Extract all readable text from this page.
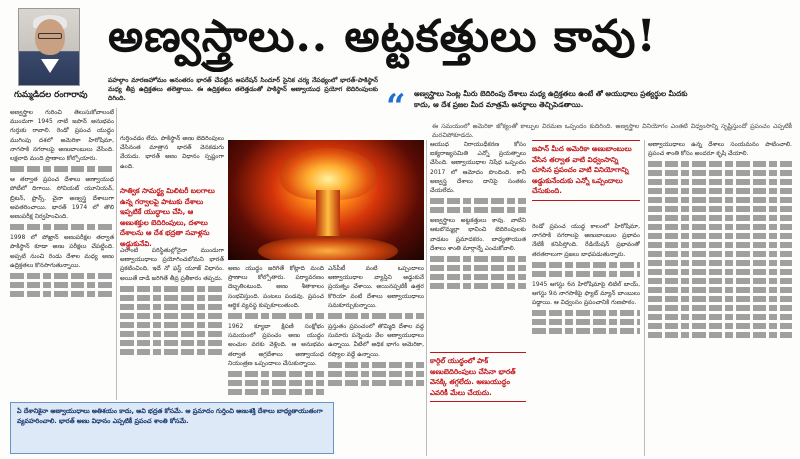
గుమ్మడిదల రంగారావు
అణ్వస్త్రాలు.. అట్టకత్తులు కావు!
పహల్గాం మారణహోమం అనంతరం భారత్ చేపట్టిన ఆపరేషన్ సిందూర్ సైనిక చర్య నేపథ్యంలో భారత్-పాకిస్థాన్ మధ్య తీవ్ర ఉద్రిక్తతలు తలెత్తాయి. ఈ ఉద్రిక్తతలు తలెత్తడంతో పాకిస్థాన్ అణ్వాయుధ ప్రయోగ బెదిరింపులకు దిగింది.	“ అణ్వస్త్రాలు సెంట్ల మీరు బెదిరింపు దేశాలు మధ్య ఉద్రిక్తతలు ఉంటే తో ఆయుధాలు ప్రత్యర్థుల మీదకు కాదు, ఆ దేశ ప్రజల మీద మాత్రమే అనర్థాలు తెచ్చిపెడతాయి.

అణ్వస్త్రాల గురించి తెలుసుకోవాలంటే ముందుగా 1945 నాటి జపాన్ అనుభవం గుర్తుకు రావాలి. రెండో ప్రపంచ యుద్ధం ముగింపు దశలో అమెరికా హిరోషిమా, నాగసాకి నగరాలపై అణుబాంబులు వేసింది. లక్షలాది మంది ప్రాణాలు కోల్పోయారు.

ఆ తర్వాత ప్రపంచ దేశాలు అణ్వాయుధ పోటీలో దిగాయి. సోవియట్ యూనియన్, బ్రిటన్, ఫ్రాన్స్, చైనా అణ్వస్త్ర దేశాలుగా అవతరించాయి. భారత్ 1974 లో తొలి అణుపరీక్ష నిర్వహించింది.

1998 లో పోఖ్రాన్ అణుపరీక్షల తర్వాత పాకిస్థాన్ కూడా అణు పరీక్షలు చేపట్టింది. అప్పటి నుంచి రెండు దేశాల మధ్య అణు ఉద్రిక్తతలు కొనసాగుతున్నాయి.

గుర్తించడం లేదు. పాకిస్థాన్ అణు బెదిరింపులు చేసినంత మాత్రాన భారత్ వెనకడుగు వేయదు. భారత్ అణు విధానం స్పష్టంగా ఉంది.

సాత్విక సామర్థ్య మిలిటరీ బలగాలు ఉన్న గర్వాలపై పాటుకు దేశాలు ఇప్పటికే యుద్ధాలు చేసి, ఆ అణుశక్తుల బెదిరింపులు, దళాలు దేశాలను ఆ దేశ భద్రతా సవాళ్లను అడ్డుకునేవి.

ఎలాంటి పరిస్థితుల్లోనైనా ముందుగా అణ్వాయుధాలు ప్రయోగించబోమని భారత్ ప్రకటించింది. ఇదే నో ఫస్ట్ యూజ్ విధానం. అయితే దాడి జరిగితే తీవ్ర ప్రతీకారం తప్పదు.

అణు యుద్ధం జరిగితే కోట్లాది మంది ప్రాణాలు కోల్పోతారు. పర్యావరణం దెబ్బతింటుంది. అణు శీతాకాలం సంభవిస్తుంది. పంటలు పండవు. ప్రపంచ ఆర్థిక వ్యవస్థ కుప్పకూలుతుంది.

1962 క్యూబా క్షిపణి సంక్షోభం సమయంలో ప్రపంచం అణు యుద్ధం అంచుల వరకు వెళ్లింది. ఆ అనుభవం తర్వాత అగ్రదేశాలు అణ్వాయుధ నియంత్రణ ఒప్పందాలు చేసుకున్నాయి.

ఎన్‌పీటీ వంటి ఒప్పందాలు అణ్వాయుధాల వ్యాప్తిని అడ్డుకునే ప్రయత్నం చేశాయి. అయినప్పటికీ ఉత్తర కొరియా వంటి దేశాలు అణ్వాయుధాలు సమకూర్చుకున్నాయి.

ప్రస్తుతం ప్రపంచంలో తొమ్మిది దేశాల వద్ద సుమారు పన్నెండు వేల అణ్వాయుధాలు ఉన్నాయి. వీటిలో అధిక భాగం అమెరికా, రష్యాల వద్దే ఉన్నాయి.

ఆయుధ నిరాయుధీకరణ కోసం ఐక్యరాజ్యసమితి ఎన్నో ప్రయత్నాలు చేసింది. అణ్వాయుధాల నిషేధ ఒప్పందం 2017 లో ఆమోదం పొందింది. కానీ అణ్వస్త్ర దేశాలు దానిపై సంతకం చేయలేదు.

అణ్వస్త్రాలు అట్టకత్తులు కావు. వాటిని ఆటబొమ్మల్లా భావించి బెదిరింపులకు వాడటం ప్రమాదకరం. బాధ్యతాయుత దేశాలు శాంతి మార్గాన్నే ఎంచుకోవాలి.

కార్గిల్ యుద్ధంలో పాక్ అణుబెదిరింపులు చేసినా భారత్ వెనక్కి తగ్గలేదు. అణుయుద్ధం ఎవరికీ మేలు చేయదు.
జపాన్ మీద అమెరికా అణుబాంబులు వేసిన తర్వాత వాటి విధ్వంసాన్ని చూసిన ప్రపంచం వాటి వినియోగాన్ని అడ్డుకునేందుకు ఎన్నో ఒప్పందాలు చేసుకుంది.

రెండో ప్రపంచ యుద్ధ కాలంలో హిరోషిమా, నాగసాకి నగరాలపై అణుబాంబుల ప్రభావం నేటికీ కనిపిస్తోంది. రేడియేషన్ ప్రభావంతో తరతరాలుగా ప్రజలు బాధపడుతున్నారు.

1945 ఆగస్టు 6న హిరోషిమాపై లిటిల్ బాయ్, ఆగస్టు 9న నాగసాకిపై ఫ్యాట్ మ్యాన్ బాంబులు పడ్డాయి. ఆ విధ్వంసం ప్రపంచానికి గుణపాఠం.

అణ్వాయుధాలు ఉన్న దేశాలు సంయమనం పాటించాలి. ప్రపంచ శాంతి కోసం అందరూ కృషి చేయాలి.

ఏ దేశానికైనా అణ్వాయుధాలు అతిశయం కాదు, అవి భద్రత కోసమే. ఆ ప్రమాదం గుర్తించి అణుశక్తి దేశాలు బాధ్యతాయుతంగా వ్యవహరించాలి. భారత్ అణు విధానం ఎప్పటికీ ప్రపంచ శాంతి కోసమే.
ఈ సమయంలో అమెరికా జోక్యంతో కాల్పుల విరమణ ఒప్పందం కుదిరింది. అణ్వస్త్రాల వినియోగం ఎంతటి విధ్వంసాన్ని సృష్టిస్తుందో ప్రపంచం ఎప్పటికీ మరచిపోకూడదు.
